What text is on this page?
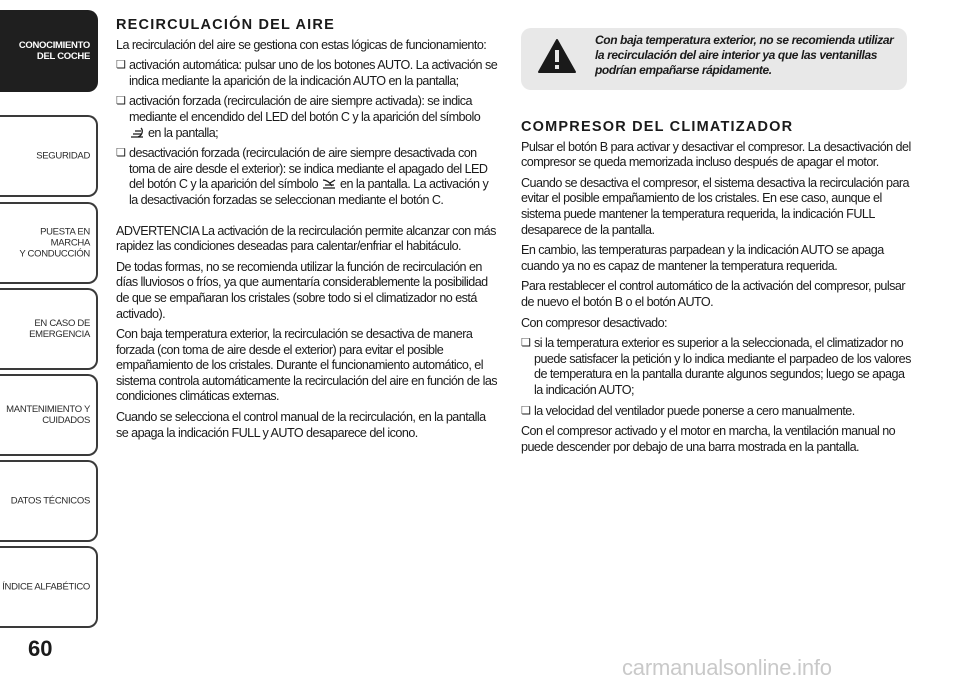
CONOCIMIENTO
DEL COCHE
SEGURIDAD
PUESTA EN MARCHA
Y CONDUCCIÓN
EN CASO DE
EMERGENCIA
MANTENIMIENTO Y
CUIDADOS
DATOS TÉCNICOS
ÍNDICE ALFABÉTICO
60
RECIRCULACIÓN DEL AIRE

La recirculación del aire se gestiona con estas lógicas de funcionamiento:

❏ activación automática: pulsar uno de los botones AUTO. La activación se indica mediante la aparición de la indicación AUTO en la pantalla;
❏ activación forzada (recirculación de aire siempre activada): se indica mediante el encendido del LED del botón C y la aparición del símbolo  en la pantalla;
❏ desactivación forzada (recirculación de aire siempre desactivada con toma de aire desde el exterior): se indica mediante el apagado del LED del botón C y la aparición del símbolo en la pantalla. La activación y la desactivación forzadas se seleccionan mediante el botón C.

ADVERTENCIA La activación de la recirculación permite alcanzar con más rapidez las condiciones deseadas para calentar/enfriar el habitáculo.

De todas formas, no se recomienda utilizar la función de recirculación en días lluviosos o fríos, ya que aumentaría considerablemente la posibilidad de que se empañaran los cristales (sobre todo si el climatizador no está activado).

Con baja temperatura exterior, la recirculación se desactiva de manera forzada (con toma de aire desde el exterior) para evitar el posible empañamiento de los cristales. Durante el funcionamiento automático, el sistema controla automáticamente la recirculación del aire en función de las condiciones climáticas externas.

Cuando se selecciona el control manual de la recirculación, en la pantalla se apaga la indicación FULL y AUTO desaparece del icono.

Con baja temperatura exterior, no se recomienda utilizar la recirculación del aire interior ya que las ventanillas podrían empañarse rápidamente.
COMPRESOR DEL CLIMATIZADOR

Pulsar el botón B para activar y desactivar el compresor. La desactivación del compresor se queda memorizada incluso después de apagar el motor.

Cuando se desactiva el compresor, el sistema desactiva la recirculación para evitar el posible empañamiento de los cristales. En ese caso, aunque el sistema puede mantener la temperatura requerida, la indicación FULL desaparece de la pantalla.

En cambio, las temperaturas parpadean y la indicación AUTO se apaga cuando ya no es capaz de mantener la temperatura requerida.

Para restablecer el control automático de la activación del compresor, pulsar de nuevo el botón B o el botón AUTO.

Con compresor desactivado:

❏ si la temperatura exterior es superior a la seleccionada, el climatizador no puede satisfacer la petición y lo indica mediante el parpadeo de los valores de temperatura en la pantalla durante algunos segundos; luego se apaga la indicación AUTO;
❏ la velocidad del ventilador puede ponerse a cero manualmente.

Con el compresor activado y el motor en marcha, la ventilación manual no puede descender por debajo de una barra mostrada en la pantalla.

carmanualsonline.info
